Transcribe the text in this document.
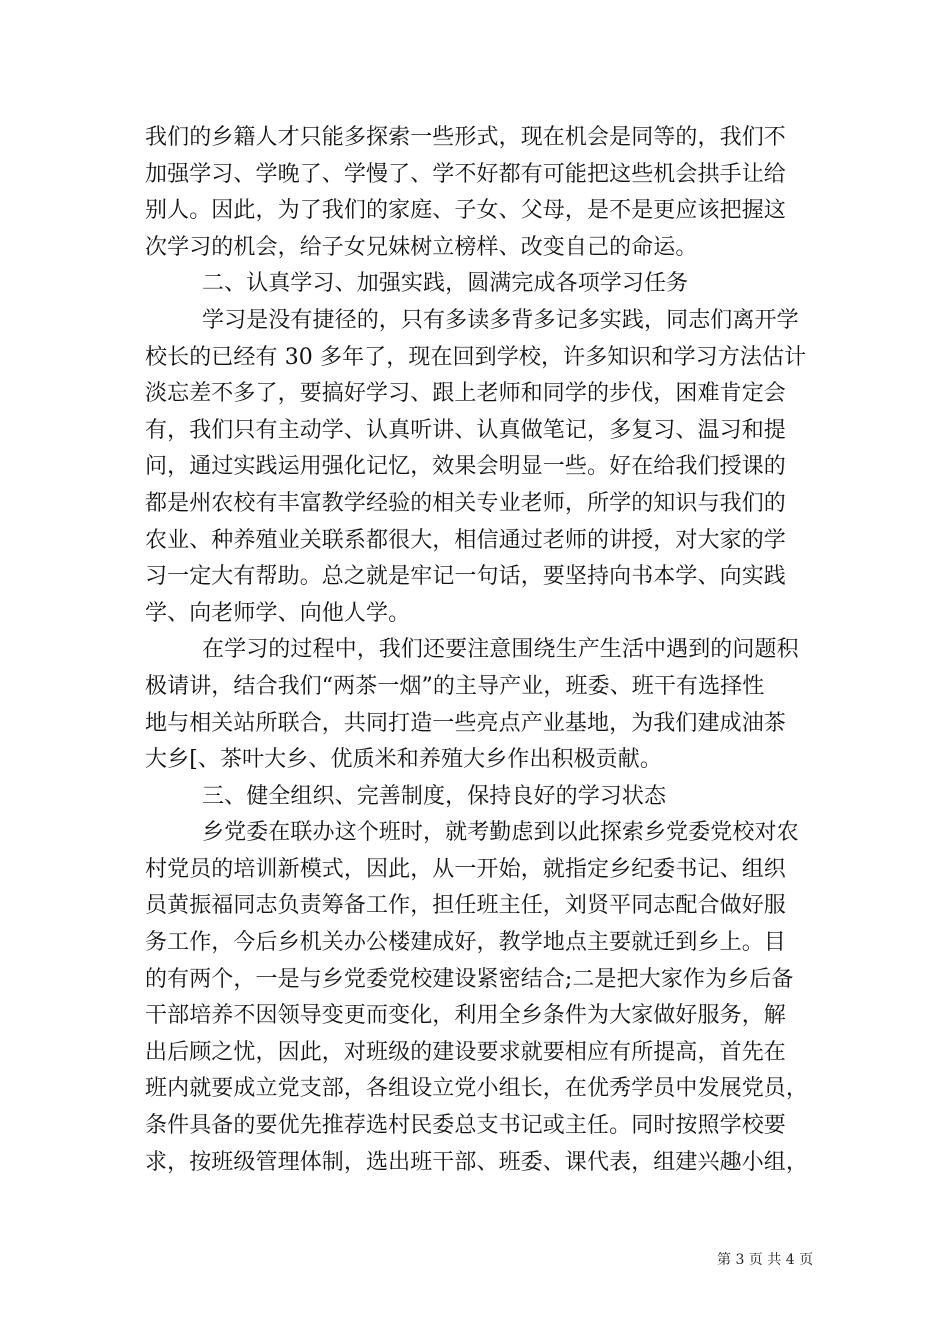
我们的乡籍人才只能多探索一些形式，现在机会是同等的，我们不
加强学习、学晚了、学慢了、学不好都有可能把这些机会拱手让给
别人。因此，为了我们的家庭、子女、父母，是不是更应该把握这
次学习的机会，给子女兄妹树立榜样、改变自己的命运。
二、认真学习、加强实践，圆满完成各项学习任务
学习是没有捷径的，只有多读多背多记多实践，同志们离开学
校长的已经有 30 多年了，现在回到学校，许多知识和学习方法估计
淡忘差不多了，要搞好学习、跟上老师和同学的步伐，困难肯定会
有，我们只有主动学、认真听讲、认真做笔记，多复习、温习和提
问，通过实践运用强化记忆，效果会明显一些。好在给我们授课的
都是州农校有丰富教学经验的相关专业老师，所学的知识与我们的
农业、种养殖业关联系都很大，相信通过老师的讲授，对大家的学
习一定大有帮助。总之就是牢记一句话，要坚持向书本学、向实践
学、向老师学、向他人学。
在学习的过程中，我们还要注意围绕生产生活中遇到的问题积
极请讲，结合我们“两茶一烟”的主导产业，班委、班干有选择性
地与相关站所联合，共同打造一些亮点产业基地，为我们建成油茶
大乡[、茶叶大乡、优质米和养殖大乡作出积极贡献。
三、健全组织、完善制度，保持良好的学习状态
乡党委在联办这个班时，就考勤虑到以此探索乡党委党校对农
村党员的培训新模式，因此，从一开始，就指定乡纪委书记、组织
员黄振福同志负责筹备工作，担任班主任，刘贤平同志配合做好服
务工作，今后乡机关办公楼建成好，教学地点主要就迁到乡上。目
的有两个，一是与乡党委党校建设紧密结合;二是把大家作为乡后备
干部培养不因领导变更而变化，利用全乡条件为大家做好服务，解
出后顾之忧，因此，对班级的建设要求就要相应有所提高，首先在
班内就要成立党支部，各组设立党小组长，在优秀学员中发展党员，
条件具备的要优先推荐选村民委总支书记或主任。同时按照学校要
求，按班级管理体制，选出班干部、班委、课代表，组建兴趣小组，
第 3 页 共 4 页
